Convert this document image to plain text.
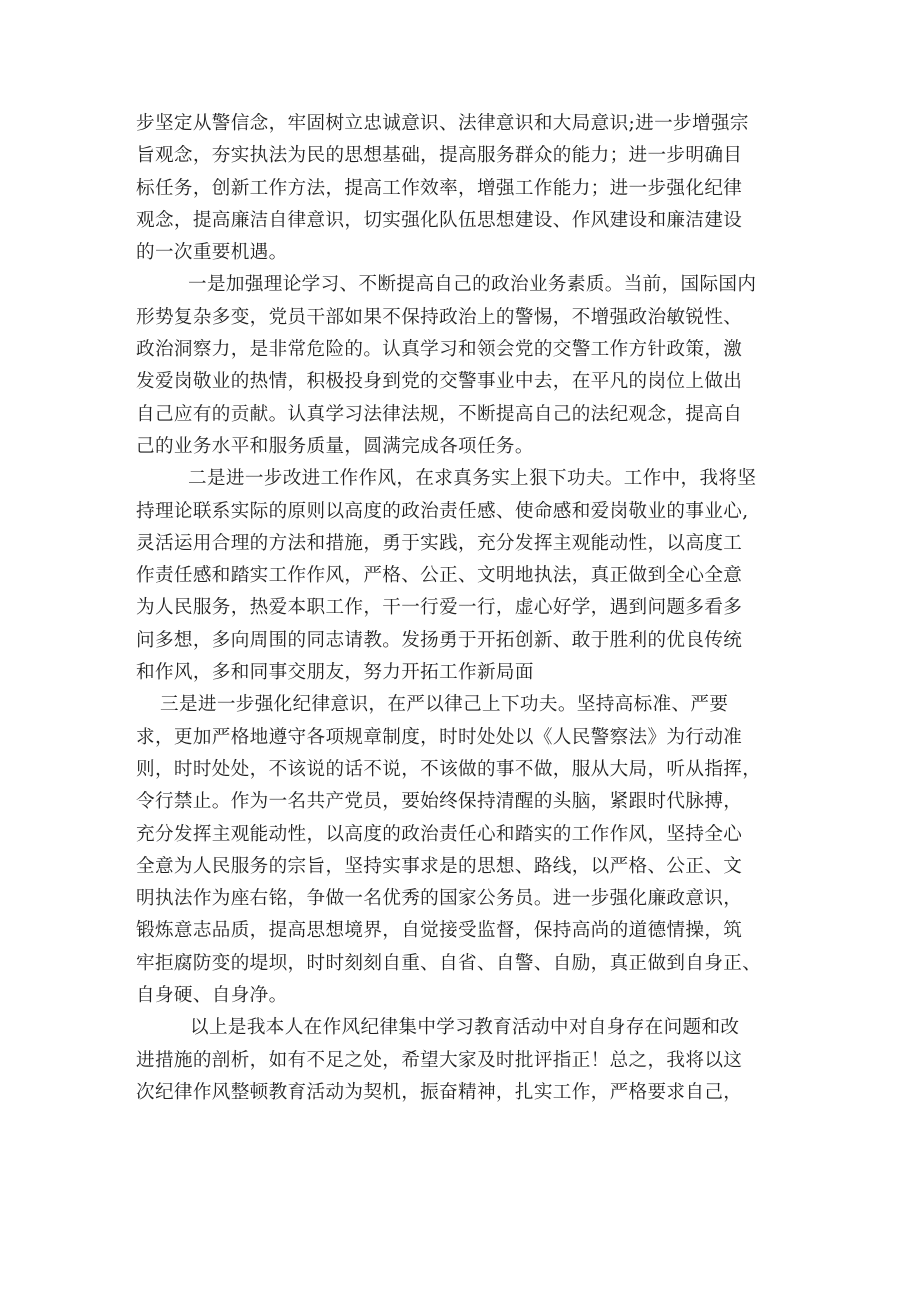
步坚定从警信念，牢固树立忠诚意识、法律意识和大局意识;进一步增强宗
旨观念，夯实执法为民的思想基础，提高服务群众的能力；进一步明确目
标任务，创新工作方法，提高工作效率，增强工作能力；进一步强化纪律
观念，提高廉洁自律意识，切实强化队伍思想建设、作风建设和廉洁建设
的一次重要机遇。
一是加强理论学习、不断提高自己的政治业务素质。当前，国际国内
形势复杂多变，党员干部如果不保持政治上的警惕，不增强政治敏锐性、
政治洞察力，是非常危险的。认真学习和领会党的交警工作方针政策，激
发爱岗敬业的热情，积极投身到党的交警事业中去，在平凡的岗位上做出
自己应有的贡献。认真学习法律法规，不断提高自己的法纪观念，提高自
己的业务水平和服务质量，圆满完成各项任务。
二是进一步改进工作作风，在求真务实上狠下功夫。工作中，我将坚
持理论联系实际的原则以高度的政治责任感、使命感和爱岗敬业的事业心,
灵活运用合理的方法和措施，勇于实践，充分发挥主观能动性，以高度工
作责任感和踏实工作作风，严格、公正、文明地执法，真正做到全心全意
为人民服务，热爱本职工作，干一行爱一行，虚心好学，遇到问题多看多
问多想，多向周围的同志请教。发扬勇于开拓创新、敢于胜利的优良传统
和作风，多和同事交朋友，努力开拓工作新局面
三是进一步强化纪律意识，在严以律己上下功夫。坚持高标准、严要
求，更加严格地遵守各项规章制度，时时处处以《人民警察法》为行动准
则，时时处处，不该说的话不说，不该做的事不做，服从大局，听从指挥，
令行禁止。作为一名共产党员，要始终保持清醒的头脑，紧跟时代脉搏，
充分发挥主观能动性，以高度的政治责任心和踏实的工作作风，坚持全心
全意为人民服务的宗旨，坚持实事求是的思想、路线，以严格、公正、文
明执法作为座右铭，争做一名优秀的国家公务员。进一步强化廉政意识，
锻炼意志品质，提高思想境界，自觉接受监督，保持高尚的道德情操，筑
牢拒腐防变的堤坝，时时刻刻自重、自省、自警、自励，真正做到自身正、
自身硬、自身净。
以上是我本人在作风纪律集中学习教育活动中对自身存在问题和改
进措施的剖析，如有不足之处，希望大家及时批评指正！总之，我将以这
次纪律作风整顿教育活动为契机，振奋精神，扎实工作，严格要求自己，
